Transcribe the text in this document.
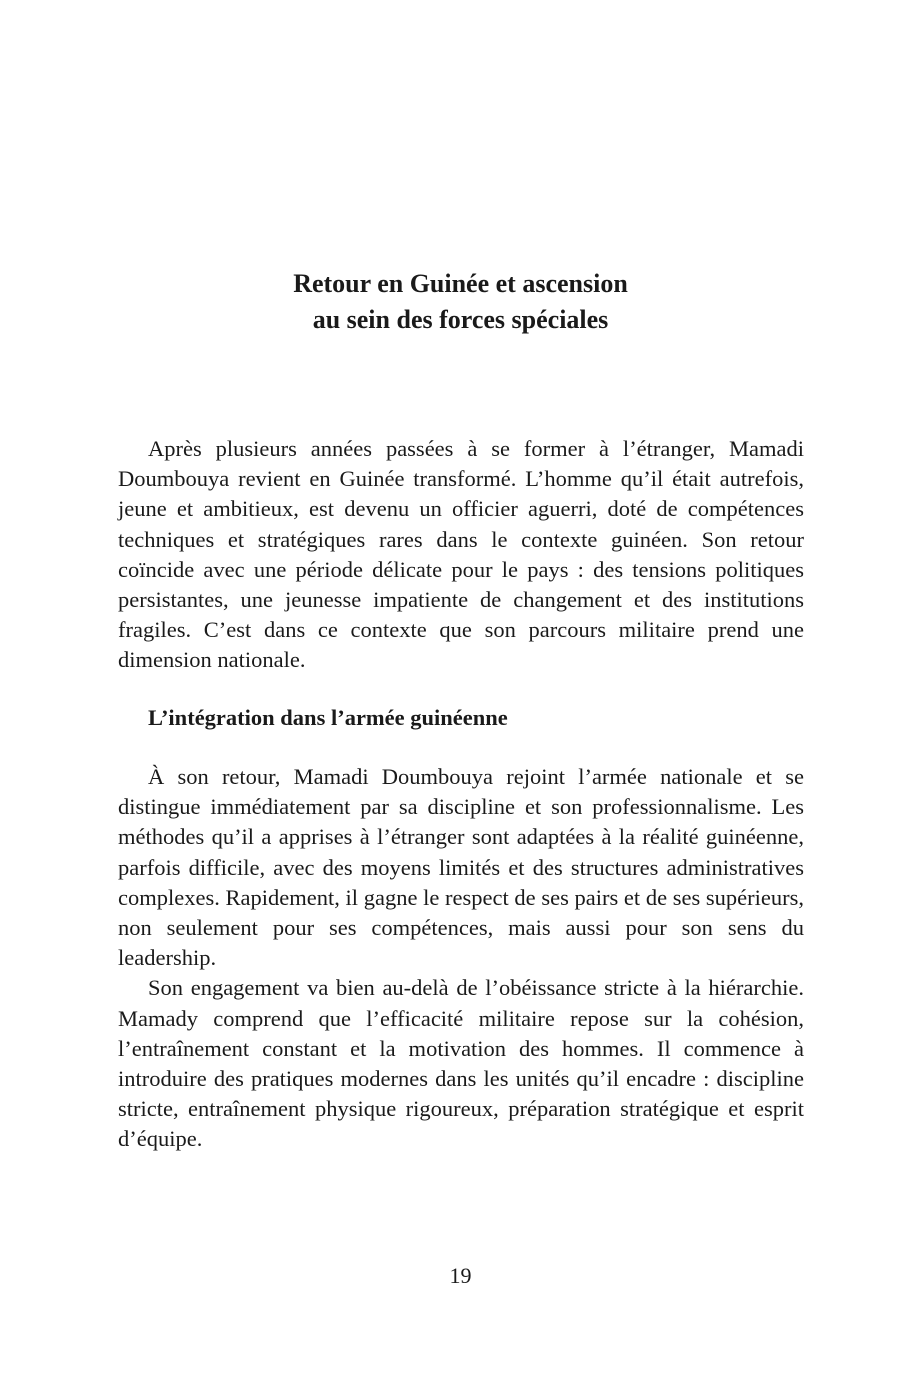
Retour en Guinée et ascension
au sein des forces spéciales

Après plusieurs années passées à se former à l’étranger, Mamadi Doumbouya revient en Guinée transformé. L’homme qu’il était autrefois, jeune et ambitieux, est devenu un officier aguerri, doté de compétences techniques et stratégiques rares dans le contexte guinéen. Son retour coïncide avec une période délicate pour le pays : des tensions politiques persistantes, une jeunesse impatiente de changement et des institutions fragiles. C’est dans ce contexte que son parcours militaire prend une dimension nationale.

L’intégration dans l’armée guinéenne

À son retour, Mamadi Doumbouya rejoint l’armée nationale et se distingue immédiatement par sa discipline et son professionnalisme. Les méthodes qu’il a apprises à l’étranger sont adaptées à la réalité guinéenne, parfois difficile, avec des moyens limités et des structures administratives complexes. Rapidement, il gagne le respect de ses pairs et de ses supérieurs, non seulement pour ses compétences, mais aussi pour son sens du leadership.

Son engagement va bien au-delà de l’obéissance stricte à la hiérarchie. Mamady comprend que l’efficacité militaire repose sur la cohésion, l’entraînement constant et la motivation des hommes. Il commence à introduire des pratiques modernes dans les unités qu’il encadre : discipline stricte, entraînement physique rigoureux, préparation stratégique et esprit d’équipe.

19
